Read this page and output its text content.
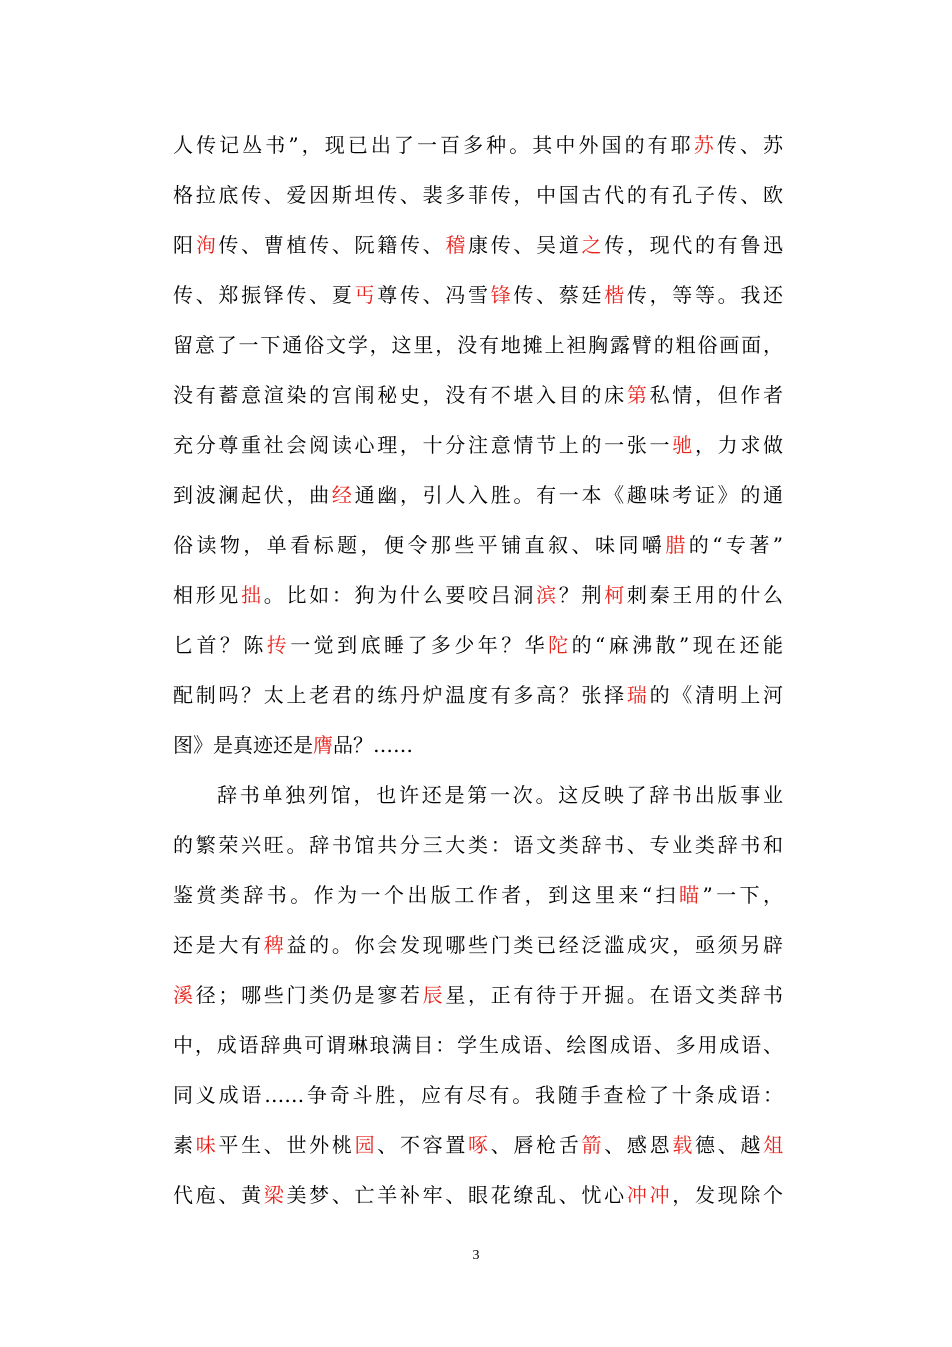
人传记丛书”，现已出了一百多种。其中外国的有耶苏传、苏
格拉底传、爱因斯坦传、裴多菲传，中国古代的有孔子传、欧
阳洵传、曹植传、阮籍传、稽康传、吴道之传，现代的有鲁迅
传、郑振铎传、夏丐尊传、冯雪锋传、蔡廷楷传，等等。我还
留意了一下通俗文学，这里，没有地摊上袒胸露臂的粗俗画面，
没有蓄意渲染的宫闱秘史，没有不堪入目的床第私情，但作者
充分尊重社会阅读心理，十分注意情节上的一张一驰，力求做
到波澜起伏，曲经通幽，引人入胜。有一本《趣味考证》的通
俗读物，单看标题，便令那些平铺直叙、味同嚼腊的“专著”
相形见拙。比如：狗为什么要咬吕洞滨？荆柯刺秦王用的什么
匕首？陈抟一觉到底睡了多少年？华陀的“麻沸散”现在还能
配制吗？太上老君的练丹炉温度有多高？张择瑞的《清明上河
图》是真迹还是膺品？……
辞书单独列馆，也许还是第一次。这反映了辞书出版事业
的繁荣兴旺。辞书馆共分三大类：语文类辞书、专业类辞书和
鉴赏类辞书。作为一个出版工作者，到这里来“扫瞄”一下，
还是大有稗益的。你会发现哪些门类已经泛滥成灾，亟须另辟
溪径；哪些门类仍是寥若辰星，正有待于开掘。在语文类辞书
中，成语辞典可谓琳琅满目：学生成语、绘图成语、多用成语、
同义成语……争奇斗胜，应有尽有。我随手查检了十条成语：
素味平生、世外桃园、不容置啄、唇枪舌箭、感恩载德、越俎
代庖、黄梁美梦、亡羊补牢、眼花缭乱、忧心冲冲，发现除个
3
